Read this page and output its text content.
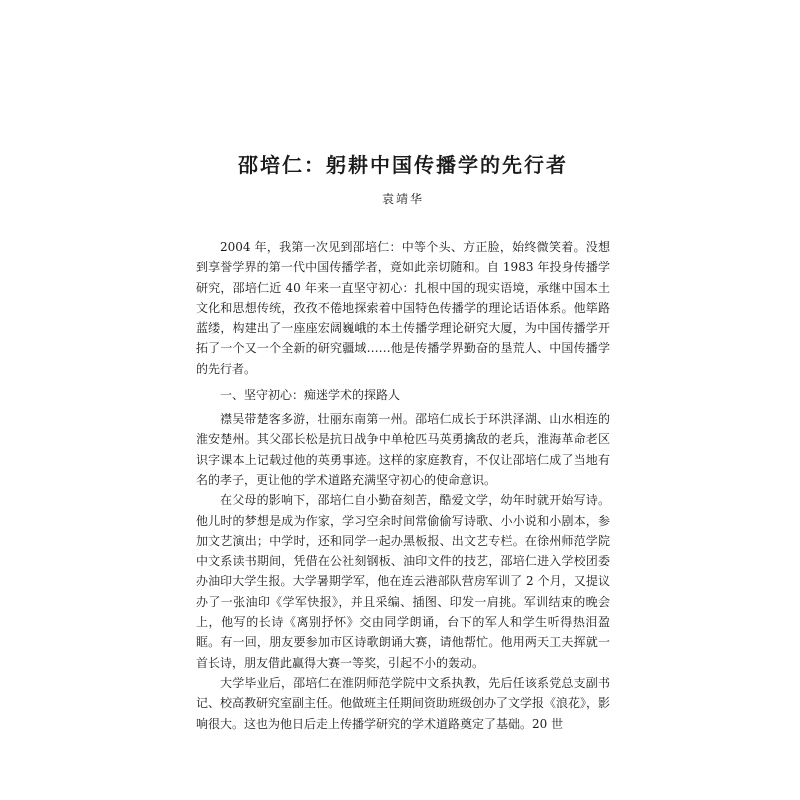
邵培仁：躬耕中国传播学的先行者
袁靖华

2004 年，我第一次见到邵培仁：中等个头、方正脸，始终微笑着。没想到享誉学界的第一代中国传播学者，竟如此亲切随和。自 1983 年投身传播学研究，邵培仁近 40 年来一直坚守初心：扎根中国的现实语境，承继中国本土文化和思想传统，孜孜不倦地探索着中国特色传播学的理论话语体系。他筚路蓝缕，构建出了一座座宏阔巍峨的本土传播学理论研究大厦，为中国传播学开拓了一个又一个全新的研究疆域……他是传播学界勤奋的垦荒人、中国传播学的先行者。

一、坚守初心：痴迷学术的探路人

襟吴带楚客多游，壮丽东南第一州。邵培仁成长于环洪泽湖、山水相连的淮安楚州。其父邵长松是抗日战争中单枪匹马英勇擒敌的老兵，淮海革命老区识字课本上记载过他的英勇事迹。这样的家庭教育，不仅让邵培仁成了当地有名的孝子，更让他的学术道路充满坚守初心的使命意识。

在父母的影响下，邵培仁自小勤奋刻苦，酷爱文学，幼年时就开始写诗。他儿时的梦想是成为作家，学习空余时间常偷偷写诗歌、小小说和小剧本，参加文艺演出；中学时，还和同学一起办黑板报、出文艺专栏。在徐州师范学院中文系读书期间，凭借在公社刻钢板、油印文件的技艺，邵培仁进入学校团委办油印大学生报。大学暑期学军，他在连云港部队营房军训了 2 个月，又提议办了一张油印《学军快报》，并且采编、插图、印发一肩挑。军训结束的晚会上，他写的长诗《离别抒怀》交由同学朗诵，台下的军人和学生听得热泪盈眶。有一回，朋友要参加市区诗歌朗诵大赛，请他帮忙。他用两天工夫挥就一首长诗，朋友借此赢得大赛一等奖，引起不小的轰动。

大学毕业后，邵培仁在淮阴师范学院中文系执教，先后任该系党总支副书记、校高教研究室副主任。他做班主任期间资助班级创办了文学报《浪花》，影响很大。这也为他日后走上传播学研究的学术道路奠定了基础。20 世
